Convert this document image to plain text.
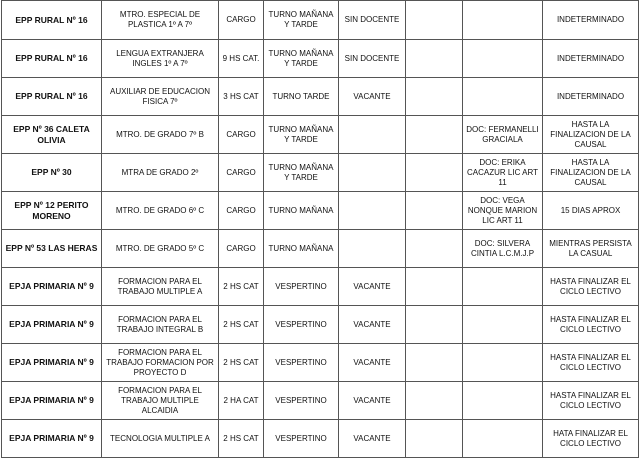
EPP RURAL Nº 16	MTRO. ESPECIAL DE PLASTICA 1º A 7º	CARGO	TURNO MAÑANA Y TARDE	SIN DOCENTE			INDETERMINADO
EPP RURAL Nº 16	LENGUA EXTRANJERA INGLES 1º A 7º	9 HS CAT.	TURNO MAÑANA Y TARDE	SIN DOCENTE			INDETERMINADO
EPP RURAL Nº 16	AUXILIAR DE EDUCACION FISICA 7º	3 HS CAT	TURNO TARDE	VACANTE			INDETERMINADO
EPP Nº 36 CALETA OLIVIA	MTRO. DE GRADO 7º B	CARGO	TURNO MAÑANA Y TARDE			DOC: FERMANELLI GRACIALA	HASTA LA FINALIZACION DE LA CAUSAL
EPP Nº 30	MTRA DE GRADO 2º	CARGO	TURNO MAÑANA Y TARDE			DOC: ERIKA CACAZUR LIC ART 11	HASTA LA FINALIZACION DE LA CAUSAL
EPP Nº 12 PERITO MORENO	MTRO. DE GRADO 6º C	CARGO	TURNO MAÑANA			DOC: VEGA NONQUE MARION LIC ART 11	15 DIAS APROX
EPP Nº 53 LAS HERAS	MTRO. DE GRADO 5º C	CARGO	TURNO MAÑANA			DOC: SILVERA CINTIA L.C.M.J.P	MIENTRAS PERSISTA LA CASUAL
EPJA PRIMARIA Nº 9	FORMACION PARA EL TRABAJO MULTIPLE A	2 HS CAT	VESPERTINO	VACANTE			HASTA FINALIZAR EL CICLO LECTIVO
EPJA PRIMARIA Nº 9	FORMACION PARA EL TRABAJO INTEGRAL B	2 HS CAT	VESPERTINO	VACANTE			HASTA FINALIZAR EL CICLO LECTIVO
EPJA PRIMARIA Nº 9	FORMACION PARA EL TRABAJO FORMACION POR PROYECTO D	2 HS CAT	VESPERTINO	VACANTE			HASTA FINALIZAR EL CICLO LECTIVO
EPJA PRIMARIA Nº 9	FORMACION PARA EL TRABAJO MULTIPLE ALCAIDIA	2 HA CAT	VESPERTINO	VACANTE			HASTA FINALIZAR EL CICLO LECTIVO
EPJA PRIMARIA Nº 9	TECNOLOGIA MULTIPLE A	2 HS CAT	VESPERTINO	VACANTE			HATA FINALIZAR EL CICLO LECTIVO
